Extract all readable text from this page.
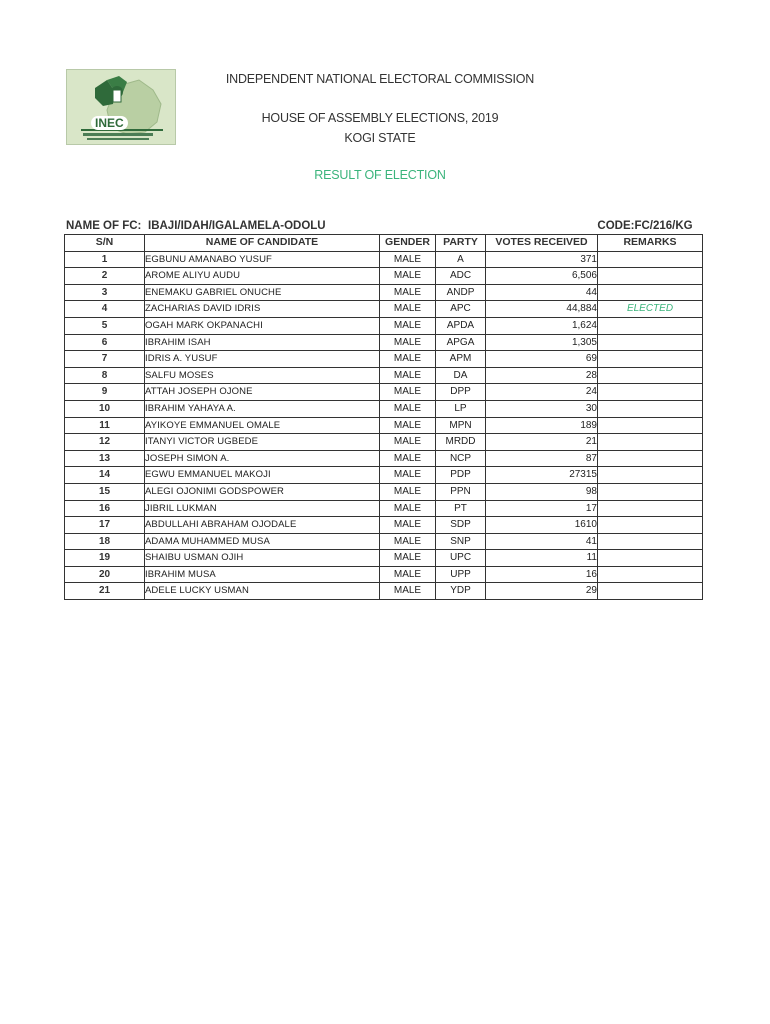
INEC
INDEPENDENT NATIONAL ELECTORAL COMMISSION
HOUSE OF ASSEMBLY ELECTIONS, 2019
KOGI STATE
RESULT OF ELECTION
NAME OF FC: IBAJI/IDAH/IGALAMELA-ODOLU	CODE:FC/216/KG
S/N	NAME OF CANDIDATE	GENDER	PARTY	VOTES RECEIVED	REMARKS
1	EGBUNU AMANABO YUSUF	MALE	A	371	
2	AROME ALIYU AUDU	MALE	ADC	6,506	
3	ENEMAKU GABRIEL ONUCHE	MALE	ANDP	44	
4	ZACHARIAS DAVID IDRIS	MALE	APC	44,884	ELECTED
5	OGAH MARK OKPANACHI	MALE	APDA	1,624	
6	IBRAHIM ISAH	MALE	APGA	1,305	
7	IDRIS A. YUSUF	MALE	APM	69	
8	SALFU MOSES	MALE	DA	28	
9	ATTAH JOSEPH OJONE	MALE	DPP	24	
10	IBRAHIM YAHAYA A.	MALE	LP	30	
11	AYIKOYE EMMANUEL OMALE	MALE	MPN	189	
12	ITANYI VICTOR UGBEDE	MALE	MRDD	21	
13	JOSEPH SIMON A.	MALE	NCP	87	
14	EGWU EMMANUEL MAKOJI	MALE	PDP	27315	
15	ALEGI OJONIMI GODSPOWER	MALE	PPN	98	
16	JIBRIL LUKMAN	MALE	PT	17	
17	ABDULLAHI ABRAHAM OJODALE	MALE	SDP	1610	
18	ADAMA MUHAMMED MUSA	MALE	SNP	41	
19	SHAIBU USMAN OJIH	MALE	UPC	11	
20	IBRAHIM MUSA	MALE	UPP	16	
21	ADELE LUCKY USMAN	MALE	YDP	29	
